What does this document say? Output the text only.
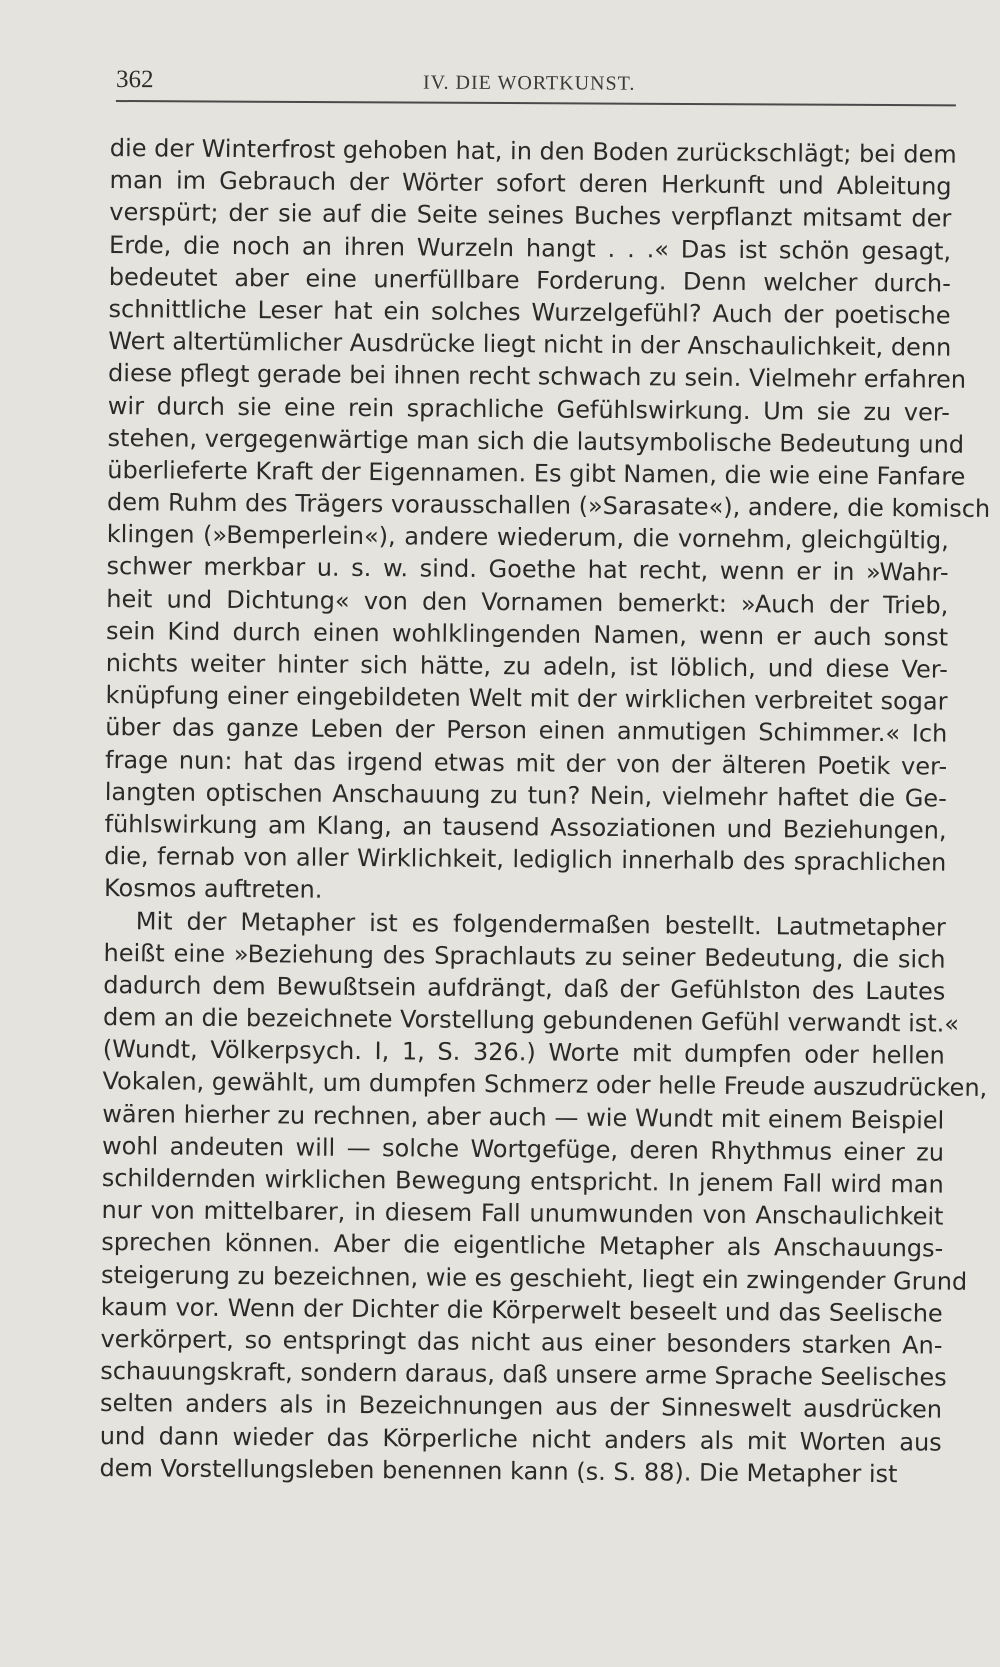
362	IV. DIE WORTKUNST.
die der Winterfrost gehoben hat, in den Boden zurückschlägt; bei dem
man im Gebrauch der Wörter sofort deren Herkunft und Ableitung
verspürt; der sie auf die Seite seines Buches verpflanzt mitsamt der
Erde, die noch an ihren Wurzeln hangt . . .« Das ist schön gesagt,
bedeutet aber eine unerfüllbare Forderung. Denn welcher durch-
schnittliche Leser hat ein solches Wurzelgefühl? Auch der poetische
Wert altertümlicher Ausdrücke liegt nicht in der Anschaulichkeit, denn
diese pflegt gerade bei ihnen recht schwach zu sein. Vielmehr erfahren
wir durch sie eine rein sprachliche Gefühlswirkung. Um sie zu ver-
stehen, vergegenwärtige man sich die lautsymbolische Bedeutung und
überlieferte Kraft der Eigennamen. Es gibt Namen, die wie eine Fanfare
dem Ruhm des Trägers vorausschallen (»Sarasate«), andere, die komisch
klingen (»Bemperlein«), andere wiederum, die vornehm, gleichgültig,
schwer merkbar u. s. w. sind. Goethe hat recht, wenn er in »Wahr-
heit und Dichtung« von den Vornamen bemerkt: »Auch der Trieb,
sein Kind durch einen wohlklingenden Namen, wenn er auch sonst
nichts weiter hinter sich hätte, zu adeln, ist löblich, und diese Ver-
knüpfung einer eingebildeten Welt mit der wirklichen verbreitet sogar
über das ganze Leben der Person einen anmutigen Schimmer.« Ich
frage nun: hat das irgend etwas mit der von der älteren Poetik ver-
langten optischen Anschauung zu tun? Nein, vielmehr haftet die Ge-
fühlswirkung am Klang, an tausend Assoziationen und Beziehungen,
die, fernab von aller Wirklichkeit, lediglich innerhalb des sprachlichen
Kosmos auftreten.
Mit der Metapher ist es folgendermaßen bestellt. Lautmetapher
heißt eine »Beziehung des Sprachlauts zu seiner Bedeutung, die sich
dadurch dem Bewußtsein aufdrängt, daß der Gefühlston des Lautes
dem an die bezeichnete Vorstellung gebundenen Gefühl verwandt ist.«
(Wundt, Völkerpsych. I, 1, S. 326.) Worte mit dumpfen oder hellen
Vokalen, gewählt, um dumpfen Schmerz oder helle Freude auszudrücken,
wären hierher zu rechnen, aber auch — wie Wundt mit einem Beispiel
wohl andeuten will — solche Wortgefüge, deren Rhythmus einer zu
schildernden wirklichen Bewegung entspricht. In jenem Fall wird man
nur von mittelbarer, in diesem Fall unumwunden von Anschaulichkeit
sprechen können. Aber die eigentliche Metapher als Anschauungs-
steigerung zu bezeichnen, wie es geschieht, liegt ein zwingender Grund
kaum vor. Wenn der Dichter die Körperwelt beseelt und das Seelische
verkörpert, so entspringt das nicht aus einer besonders starken An-
schauungskraft, sondern daraus, daß unsere arme Sprache Seelisches
selten anders als in Bezeichnungen aus der Sinneswelt ausdrücken
und dann wieder das Körperliche nicht anders als mit Worten aus
dem Vorstellungsleben benennen kann (s. S. 88). Die Metapher ist
